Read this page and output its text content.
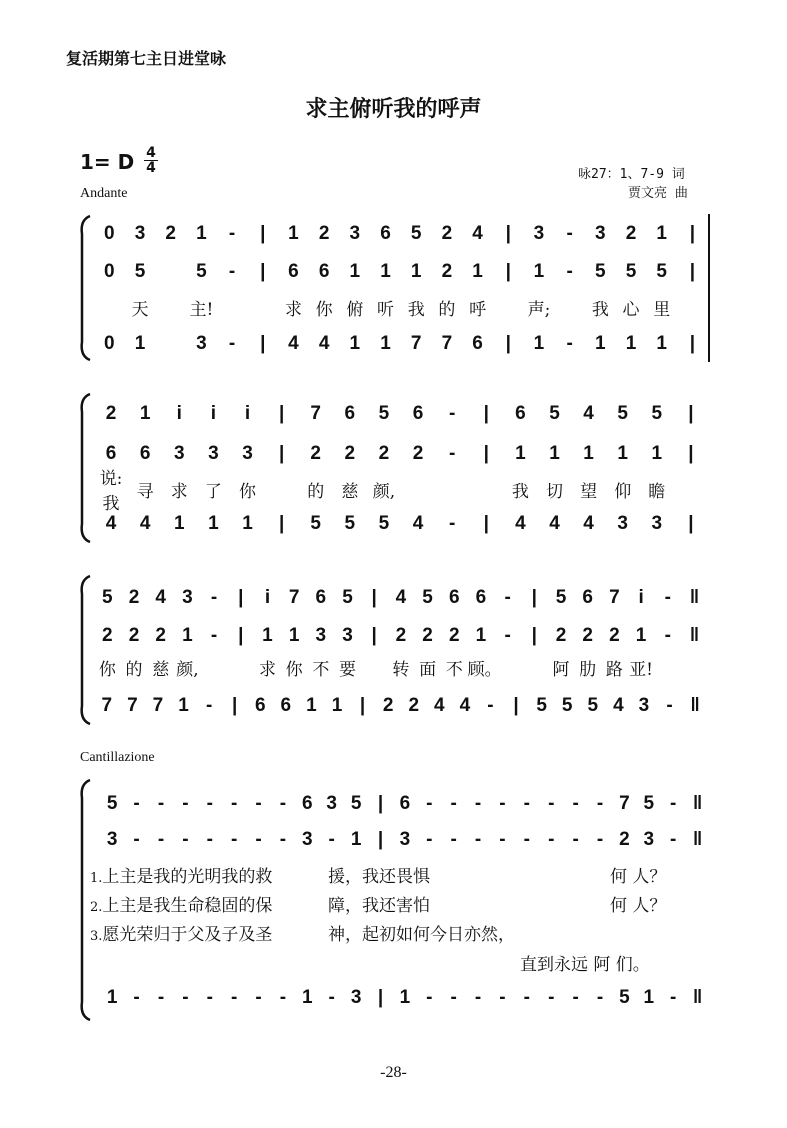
复活期第七主日进堂咏
求主俯听我的呼声
1= D $\frac{4}{4}$
Andante
咏27：1、7-9 词
贾文亮 曲
0	3	2	1	-	|	1	2	3	6	5	2	4	|	3	-	3	2	1	|
0	5	5	-	|	6	6	1	1	1	2	1	|	1	-	5	5	5	|
天	主!	求 你 俯 听 我 的 呼	声;	我 心 里
0	1	3	-	|	4	4	1	1	7	7	6	|	1	-	1	1	1	|
2	1	i	i	i	|	7	6	5	6	-	|	6	5	4	5	5	|
6	6	3	3	3	|	2	2	2	2	-	|	1	1	1	1	1	|
说:我
寻	求	了	你	的	慈 颜,	我	切	望	仰	瞻
4	4	1	1	1	|	5	5	5	4	-	|	4	4	4	3	3	|
5 2 4 3 -	|	i 7 6 5 | 4 5 6 6 -	| 5 6 7 i	- ‖
2 2 2 1 -	| 1 1 3 3 | 2 2 2 1 -	| 2 2 2 1 - ‖
你 的 慈 颜,	求 你 不 要 转 面 不 顾。	阿 肋 路 亚!
7 7 7 1 -	| 6 6 1 1 | 2 2 4 4 -	| 5 5 5 4 3 - ‖
Cantillazione
5 - - - - - - - 6 3 5 | 6 - - - - - - - - 7 5 - ‖
3 - - - - - - - 3 - 1 | 3 - - - - - - - - 2 3 - ‖
1.上主是我的光明我的救	援，我还畏惧	何 人？
2.上主是我生命稳固的保	障，我还害怕	何 人？
3.愿光荣归于父及子及圣	神，起初如何今日亦然，
直到永远 阿 们。
1 - - - - - - - 1 - 3 | 1 - - - - - - - - 5 1 - ‖
-28-
